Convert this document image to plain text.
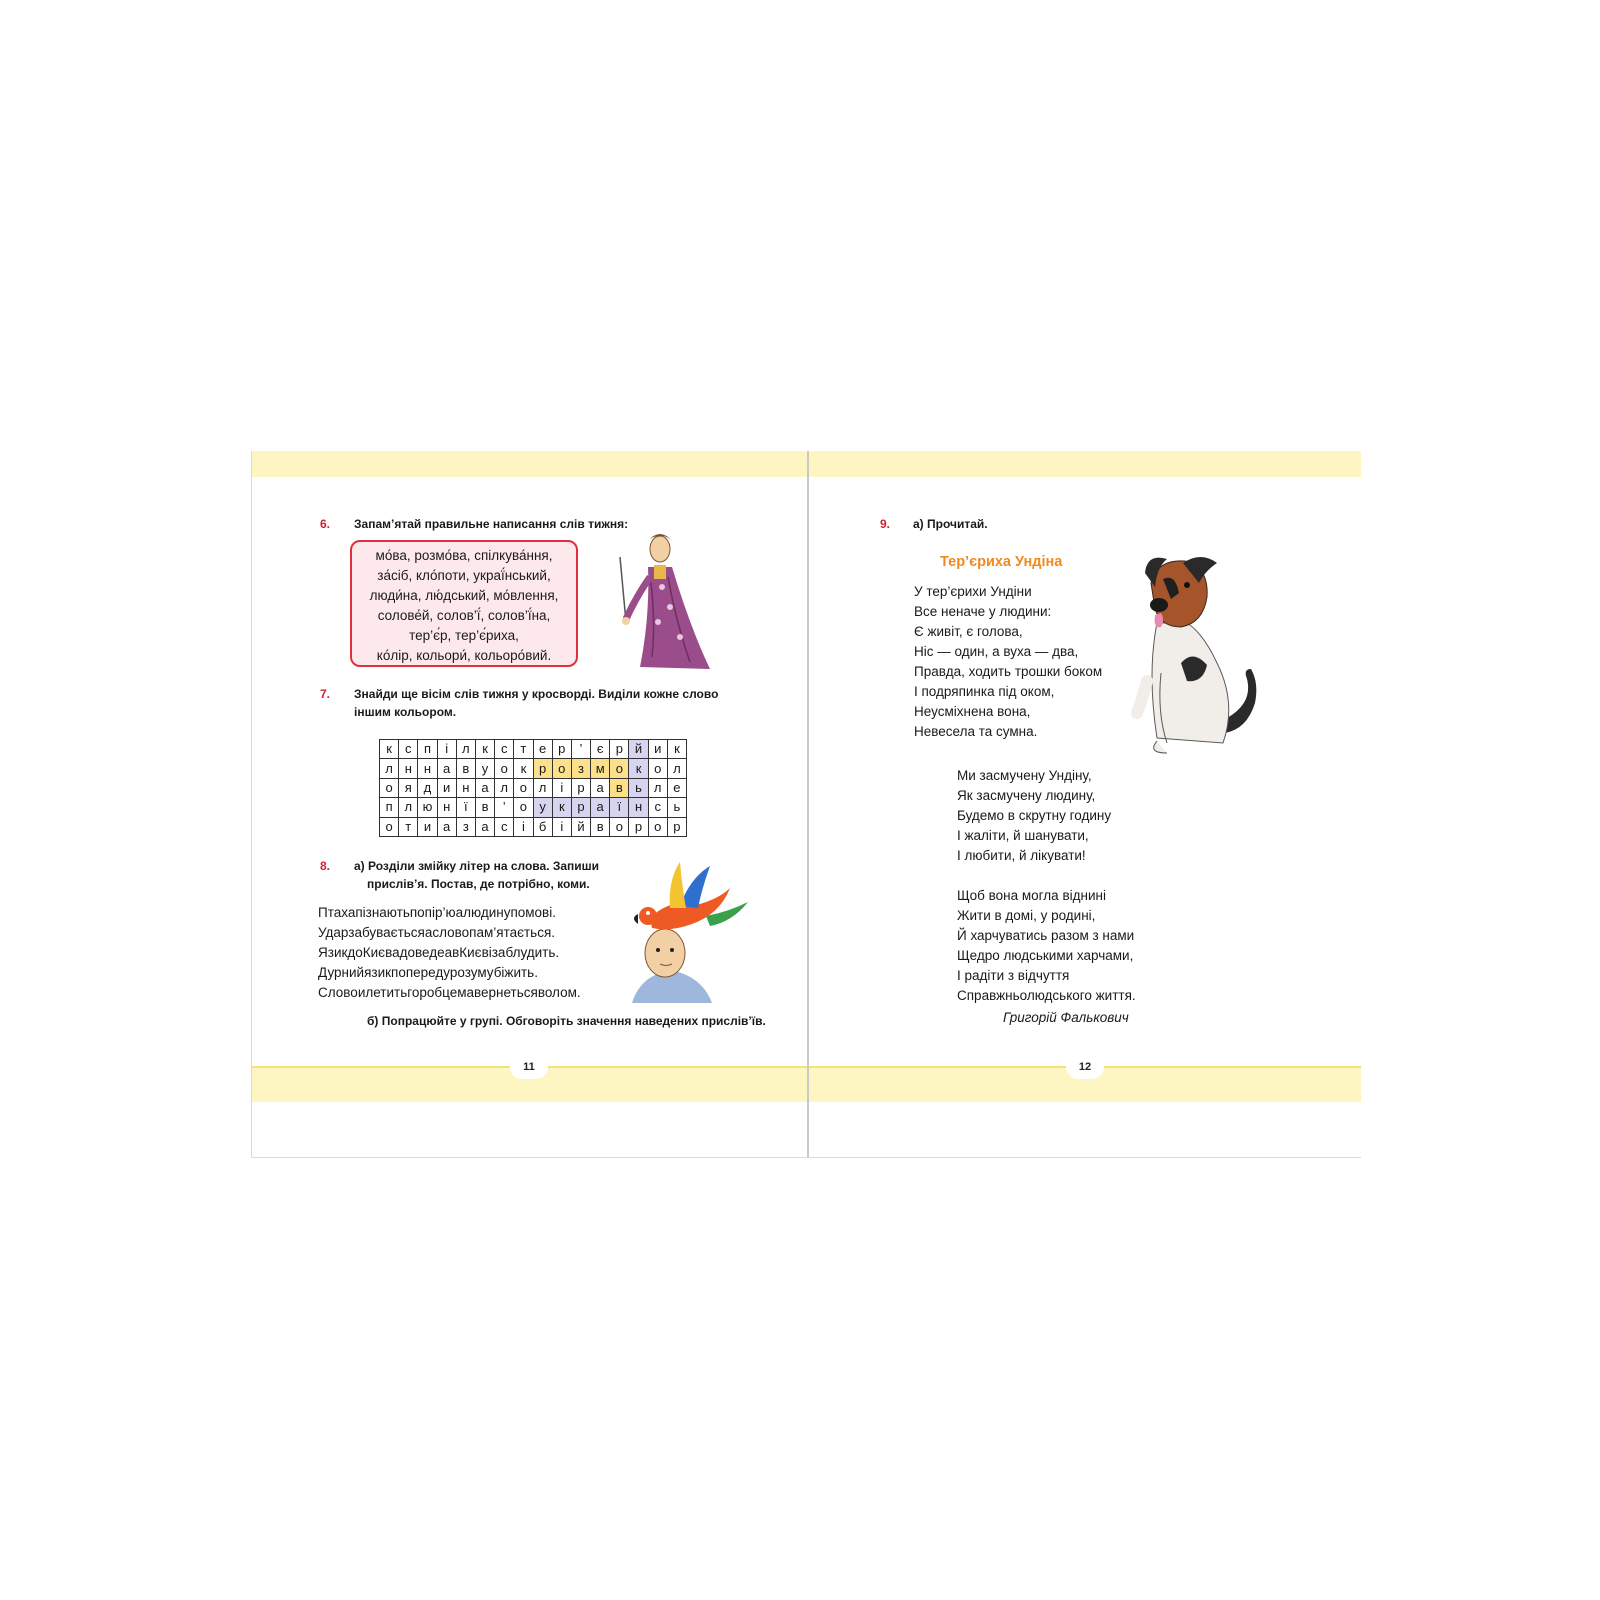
6. Запам’ятай правильне написання слів тижня:
мо́ва, розмо́ва, спілкува́ння,
за́сіб, кло́поти, украї́нський,
люди́на, лю́дський, мо́влення,
солове́й, солов’ї́, солов’ї́на,
тер’є́р, тер’є́риха,
ко́лір, кольори́, кольоро́вий.
7. Знайди ще вісім слів тижня у кросворді. Виділи кожне слово
іншим кольором.
к	с	п	і	л	к	с	т	е	р	’	є	р	й	и	к
л	н	н	а	в	у	о	к	р	о	з	м	о	к	о	л
о	я	д	и	н	а	л	о	л	і	р	а	в	ь	л	е
п	л	ю	н	ї	в	’	о	у	к	р	а	ї	н	с	ь
о	т	и	а	з	а	с	і	б	і	й	в	о	р	о	р
8. а) Розділи змійку літер на слова. Запиши
прислів’я. Постав, де потрібно, коми.
Птахапізнаютьпопір’юалюдинупомові.
Ударзабуваєтьсяасловопам’ятається.
ЯзикдоКиєвадоведеавКиєвізаблудить.
Дурнийязикпопередурозумубіжить.
Словоилетитьгоробцемавернетьсяволом.
б) Попрацюйте у групі. Обговоріть значення наведених прислів’їв.
11
9. а) Прочитай.
Тер’єриха Ундіна
У тер’єрихи Ундіни
Все неначе у людини:
Є живіт, є голова,
Ніс — один, а вуха — два,
Правда, ходить трошки боком
І подряпинка під оком,
Неусміхнена вона,
Невесела та сумна.
Ми засмучену Ундіну,
Як засмучену людину,
Будемо в скрутну годину
І жаліти, й шанувати,
І любити, й лікувати!
Щоб вона могла віднині
Жити в домі, у родині,
Й харчуватись разом з нами
Щедро людськими харчами,
І радіти з відчуття
Справжньолюдського життя.
Григорій Фалькович
12
